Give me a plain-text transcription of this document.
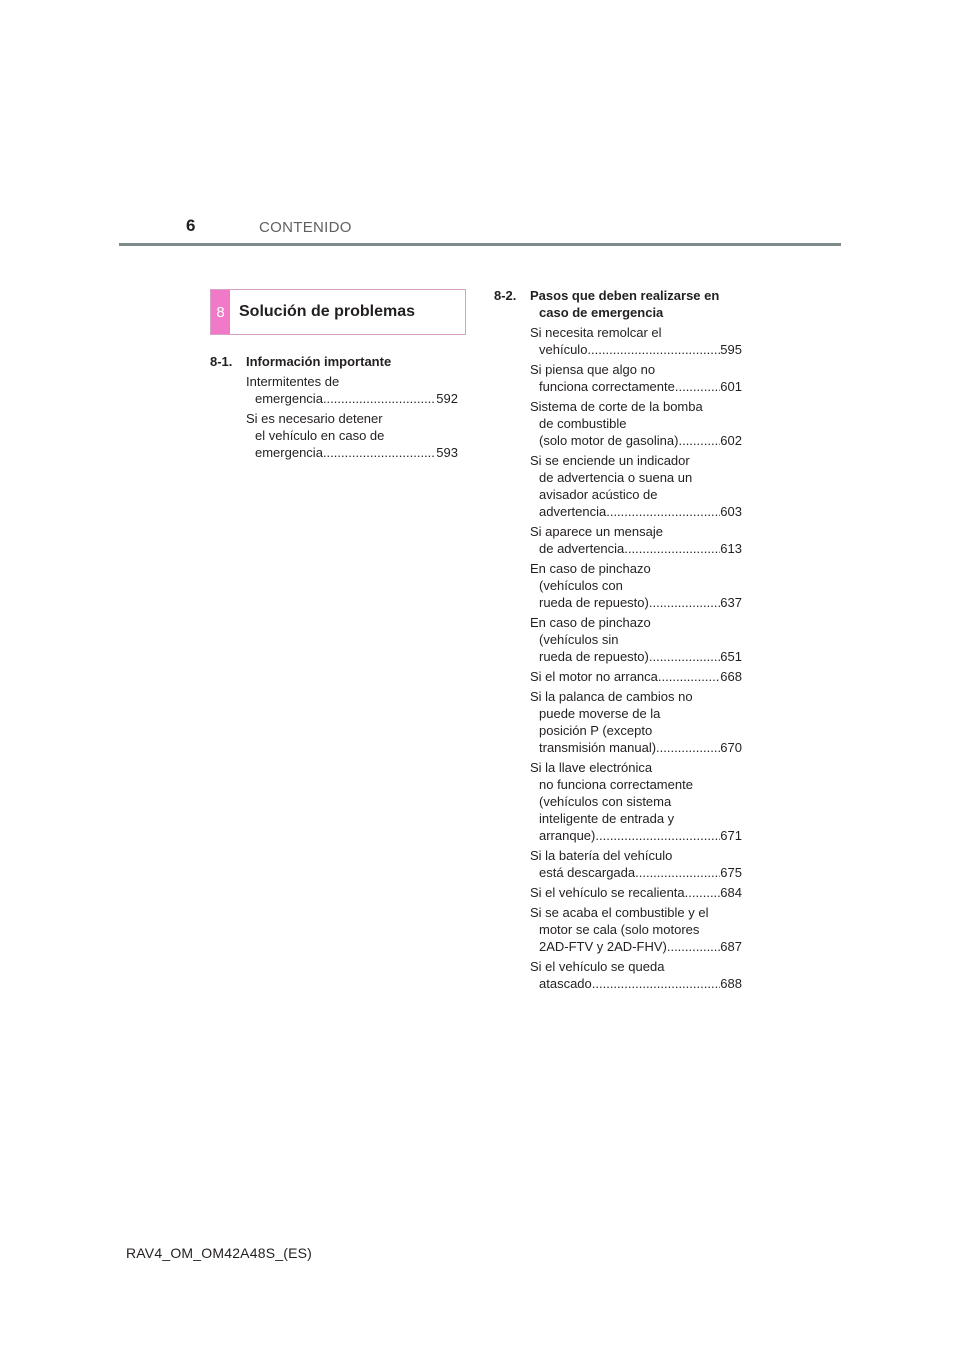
6	CONTENIDO
8 Solución de problemas
8-1.	Información importante
Intermitentes de
emergencia .....	592
Si es necesario detener
el vehículo en caso de
emergencia .....	593
8-2.	Pasos que deben realizarse en
caso de emergencia
Si necesita remolcar el
vehículo .....	595
Si piensa que algo no
funciona correctamente .....	601
Sistema de corte de la bomba
de combustible
(solo motor de gasolina) .....	602
Si se enciende un indicador
de advertencia o suena un
avisador acústico de
advertencia .....	603
Si aparece un mensaje
de advertencia .....	613
En caso de pinchazo
(vehículos con
rueda de repuesto) .....	637
En caso de pinchazo
(vehículos sin
rueda de repuesto) .....	651
Si el motor no arranca .....	668
Si la palanca de cambios no
puede moverse de la
posición P (excepto
transmisión manual) .....	670
Si la llave electrónica
no funciona correctamente
(vehículos con sistema
inteligente de entrada y
arranque) .....	671
Si la batería del vehículo
está descargada .....	675
Si el vehículo se recalienta .....	684
Si se acaba el combustible y el
motor se cala (solo motores
2AD-FTV y 2AD-FHV) .....	687
Si el vehículo se queda
atascado .....	688
RAV4_OM_OM42A48S_(ES)
